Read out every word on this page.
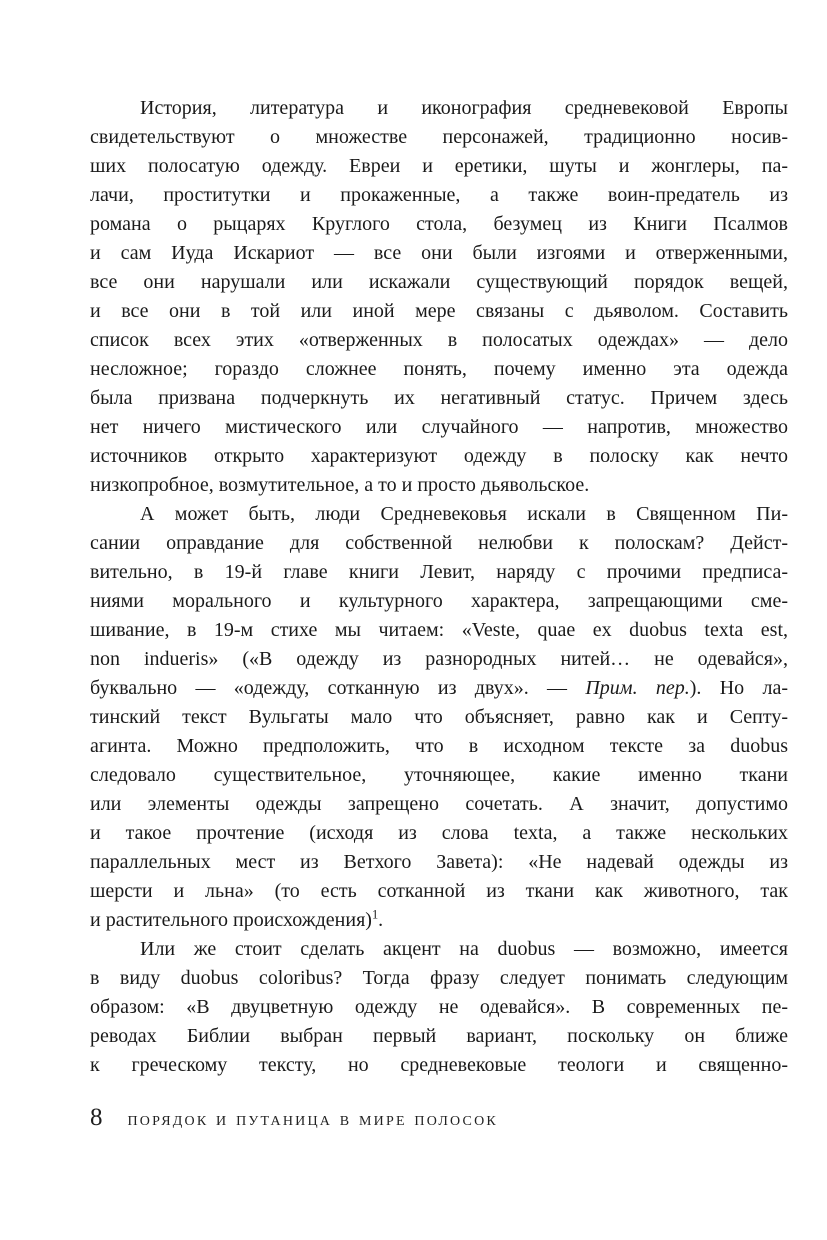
История, литература и иконография средневековой Европы
свидетельствуют о множестве персонажей, традиционно носив-
ших полосатую одежду. Евреи и еретики, шуты и жонглеры, па-
лачи, проститутки и прокаженные, а также воин-предатель из
романа о рыцарях Круглого стола, безумец из Книги Псалмов
и сам Иуда Искариот — все они были изгоями и отверженными,
все они нарушали или искажали существующий порядок вещей,
и все они в той или иной мере связаны с дьяволом. Составить
список всех этих «отверженных в полосатых одеждах» — дело
несложное; гораздо сложнее понять, почему именно эта одежда
была призвана подчеркнуть их негативный статус. Причем здесь
нет ничего мистического или случайного — напротив, множество
источников открыто характеризуют одежду в полоску как нечто
низкопробное, возмутительное, а то и просто дьявольское.
А может быть, люди Средневековья искали в Священном Пи-
сании оправдание для собственной нелюбви к полоскам? Дейст-
вительно, в 19-й главе книги Левит, наряду с прочими предписа-
ниями морального и культурного характера, запрещающими сме-
шивание, в 19-м стихе мы читаем: «Veste, quae ex duobus texta est,
non indueris» («В одежду из разнородных нитей… не одевайся»,
буквально — «одежду, сотканную из двух». — Прим. пер.). Но ла-
тинский текст Вульгаты мало что объясняет, равно как и Септу-
агинта. Можно предположить, что в исходном тексте за duobus
следовало существительное, уточняющее, какие именно ткани
или элементы одежды запрещено сочетать. А значит, допустимо
и такое прочтение (исходя из слова texta, а также нескольких
параллельных мест из Ветхого Завета): «Не надевай одежды из
шерсти и льна» (то есть сотканной из ткани как животного, так
и растительного происхождения)$^1$.
Или же стоит сделать акцент на duobus — возможно, имеется
в виду duobus coloribus? Тогда фразу следует понимать следующим
образом: «В двуцветную одежду не одевайся». В современных пе-
реводах Библии выбран первый вариант, поскольку он ближе
к греческому тексту, но средневековые теологи и священно-
8 ПОРЯДОК И ПУТАНИЦА В МИРЕ ПОЛОСОК
